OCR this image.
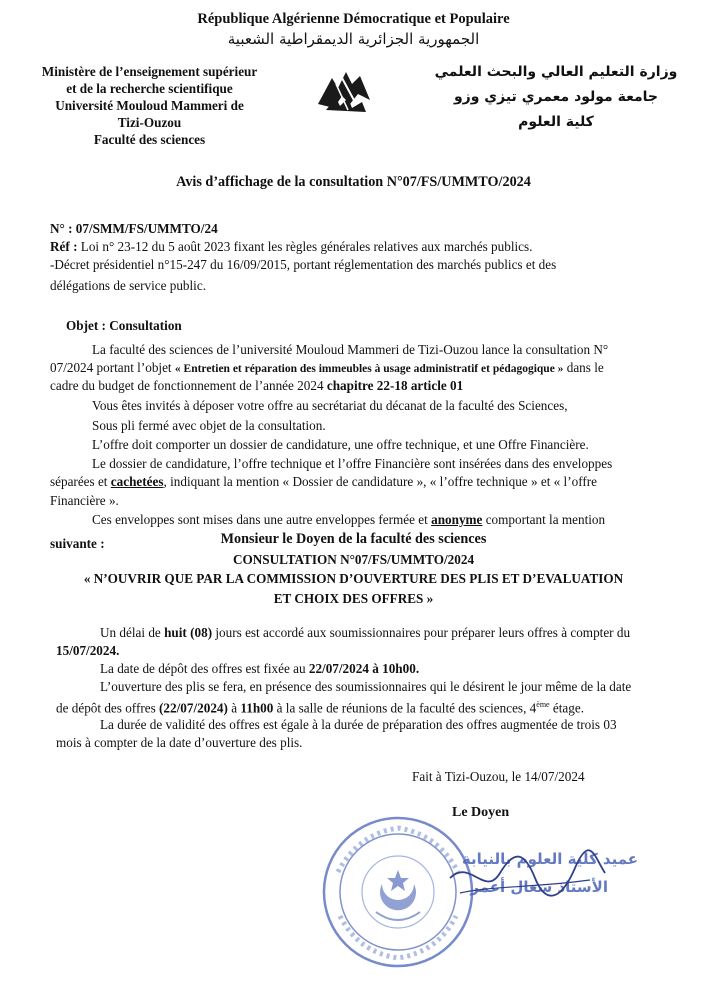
République Algérienne Démocratique et Populaire
الجمهورية الجزائرية الديمقراطية الشعبية
Ministère de l’enseignement supérieur
et de la recherche scientifique
Université Mouloud Mammeri de
Tizi-Ouzou
Faculté des sciences
وزارة التعليم العالي والبحث العلمي
جامعة مولود معمري تيزي وزو
كلية العلوم
Avis d’affichage de la consultation N°07/FS/UMMTO/2024
N° : 07/SMM/FS/UMMTO/24
Réf : Loi n° 23-12 du 5 août 2023 fixant les règles générales relatives aux marchés publics.
-Décret présidentiel n°15-247 du 16/09/2015, portant réglementation des marchés publics et des
délégations de service public.
Objet : Consultation
La faculté des sciences de l’université Mouloud Mammeri de Tizi-Ouzou lance la consultation N°
07/2024 portant l’objet « Entretien et réparation des immeubles à usage administratif et pédagogique » dans le
cadre du budget de fonctionnement de l’année 2024 chapitre 22-18 article 01
Vous êtes invités à déposer votre offre au secrétariat du décanat de la faculté des Sciences,
Sous pli fermé avec objet de la consultation.
L’offre doit comporter un dossier de candidature, une offre technique, et une Offre Financière.
Le dossier de candidature, l’offre technique et l’offre Financière sont insérées dans des enveloppes
séparées et cachetées, indiquant la mention « Dossier de candidature », « l’offre technique » et « l’offre
Financière ».
Ces enveloppes sont mises dans une autre enveloppes fermée et anonyme comportant la mention
suivante :	Monsieur le Doyen de la faculté des sciences
CONSULTATION N°07/FS/UMMTO/2024
« N’OUVRIR QUE PAR LA COMMISSION D’OUVERTURE DES PLIS ET D’EVALUATION
ET CHOIX DES OFFRES »
Un délai de huit (08) jours est accordé aux soumissionnaires pour préparer leurs offres à compter du
15/07/2024.
La date de dépôt des offres est fixée au 22/07/2024 à 10h00.
L’ouverture des plis se fera, en présence des soumissionnaires qui le désirent le jour même de la date
de dépôt des offres (22/07/2024) à 11h00 à la salle de réunions de la faculté des sciences, 4ème étage.
La durée de validité des offres est égale à la durée de préparation des offres augmentée de trois 03
mois à compter de la date d’ouverture des plis.
Fait à Tizi-Ouzou, le 14/07/2024
Le Doyen
عميد كلية العلوم بالنيابة
الأستاذ سعال أعمر
